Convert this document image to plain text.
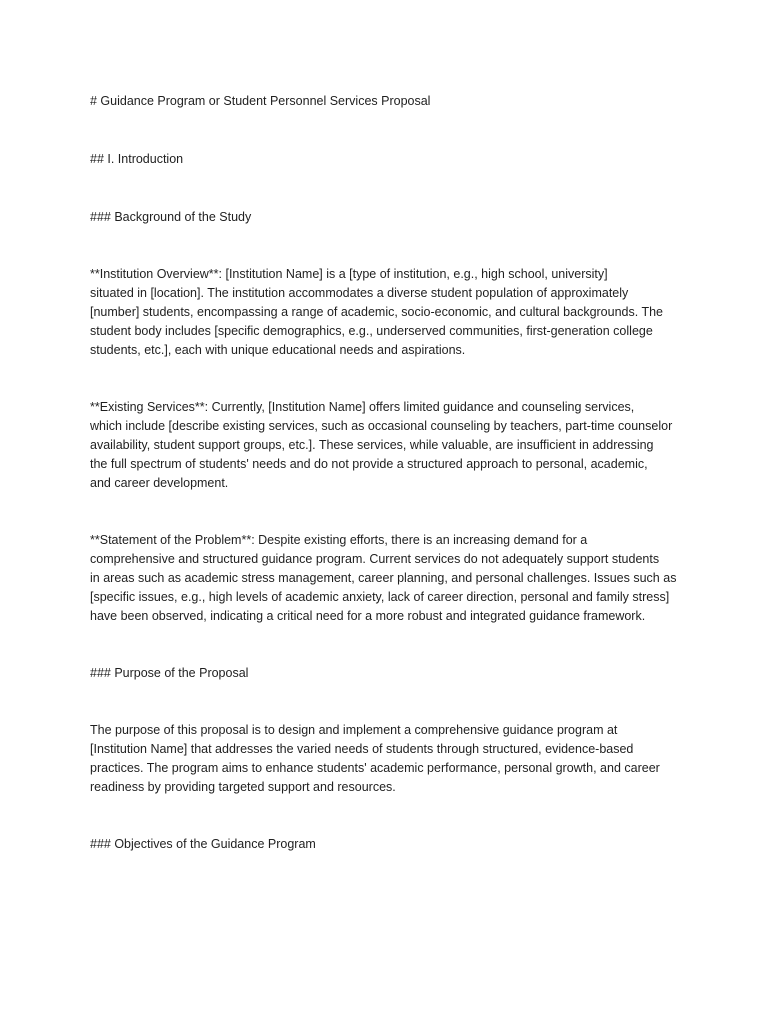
# Guidance Program or Student Personnel Services Proposal

## I. Introduction

### Background of the Study

**Institution Overview**: [Institution Name] is a [type of institution, e.g., high school, university]

situated in [location]. The institution accommodates a diverse student population of approximately

[number] students, encompassing a range of academic, socio-economic, and cultural backgrounds. The

student body includes [specific demographics, e.g., underserved communities, first-generation college

students, etc.], each with unique educational needs and aspirations.

**Existing Services**: Currently, [Institution Name] offers limited guidance and counseling services,

which include [describe existing services, such as occasional counseling by teachers, part-time counselor

availability, student support groups, etc.]. These services, while valuable, are insufficient in addressing

the full spectrum of students' needs and do not provide a structured approach to personal, academic,

and career development.

**Statement of the Problem**: Despite existing efforts, there is an increasing demand for a

comprehensive and structured guidance program. Current services do not adequately support students

in areas such as academic stress management, career planning, and personal challenges. Issues such as

[specific issues, e.g., high levels of academic anxiety, lack of career direction, personal and family stress]

have been observed, indicating a critical need for a more robust and integrated guidance framework.

### Purpose of the Proposal

The purpose of this proposal is to design and implement a comprehensive guidance program at

[Institution Name] that addresses the varied needs of students through structured, evidence-based

practices. The program aims to enhance students' academic performance, personal growth, and career

readiness by providing targeted support and resources.

### Objectives of the Guidance Program
